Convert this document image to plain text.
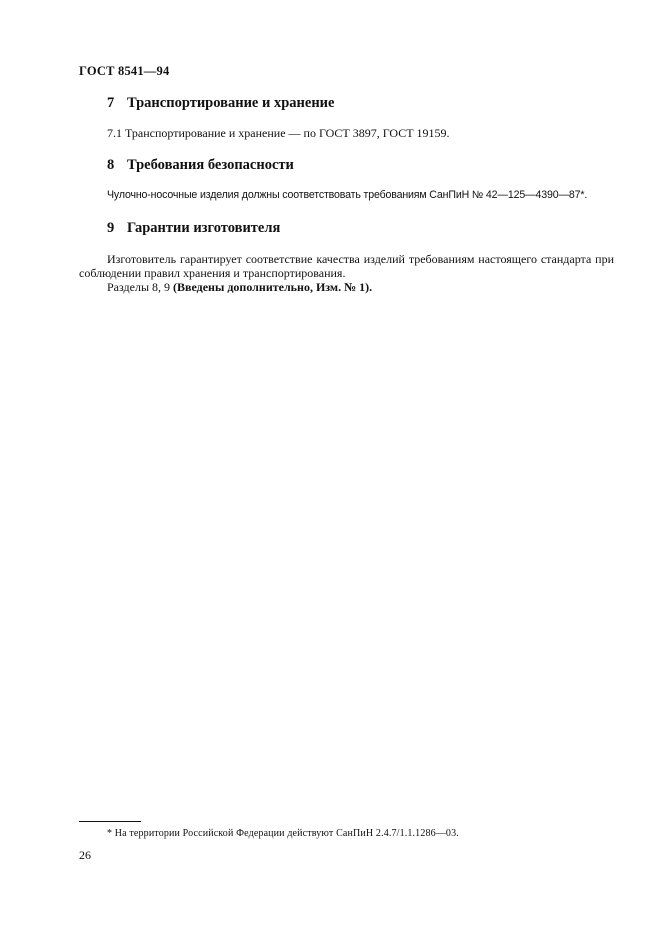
ГОСТ 8541—94
7 Транспортирование и хранение
7.1 Транспортирование и хранение — по ГОСТ 3897, ГОСТ 19159.
8 Требования безопасности
Чулочно-носочные изделия должны соответствовать требованиям СанПиН № 42—125—4390—87*.
9 Гарантии изготовителя
Изготовитель гарантирует соответствие качества изделий требованиям настоящего стандарта при соблюдении правил хранения и транспортирования.
Разделы 8, 9 (Введены дополнительно, Изм. № 1).
* На территории Российской Федерации действуют СанПиН 2.4.7/1.1.1286—03.
26
